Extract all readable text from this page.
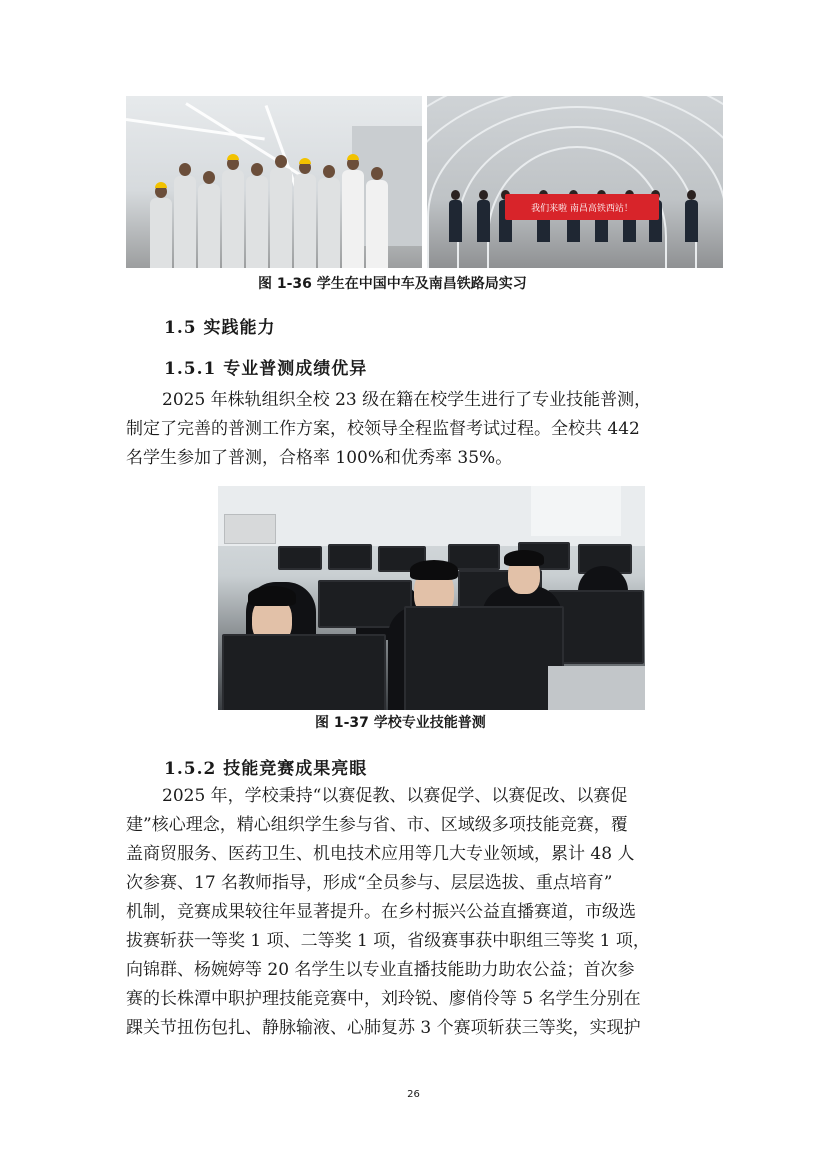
我们来啦 南昌高铁西站！
图 1-36 学生在中国中车及南昌铁路局实习
1.5 实践能力
1.5.1 专业普测成绩优异
2025 年株轨组织全校 23 级在籍在校学生进行了专业技能普测，
制定了完善的普测工作方案，校领导全程监督考试过程。全校共 442
名学生参加了普测，合格率 100%和优秀率 35%。
图 1-37 学校专业技能普测
1.5.2 技能竞赛成果亮眼
2025 年，学校秉持“以赛促教、以赛促学、以赛促改、以赛促
建”核心理念，精心组织学生参与省、市、区域级多项技能竞赛，覆
盖商贸服务、医药卫生、机电技术应用等几大专业领域，累计 48 人
次参赛、17 名教师指导，形成“全员参与、层层选拔、重点培育”
机制，竞赛成果较往年显著提升。在乡村振兴公益直播赛道，市级选
拔赛斩获一等奖 1 项、二等奖 1 项，省级赛事获中职组三等奖 1 项，
向锦群、杨婉婷等 20 名学生以专业直播技能助力助农公益；首次参
赛的长株潭中职护理技能竞赛中，刘玲锐、廖俏伶等 5 名学生分别在
踝关节扭伤包扎、静脉输液、心肺复苏 3 个赛项斩获三等奖，实现护
26
